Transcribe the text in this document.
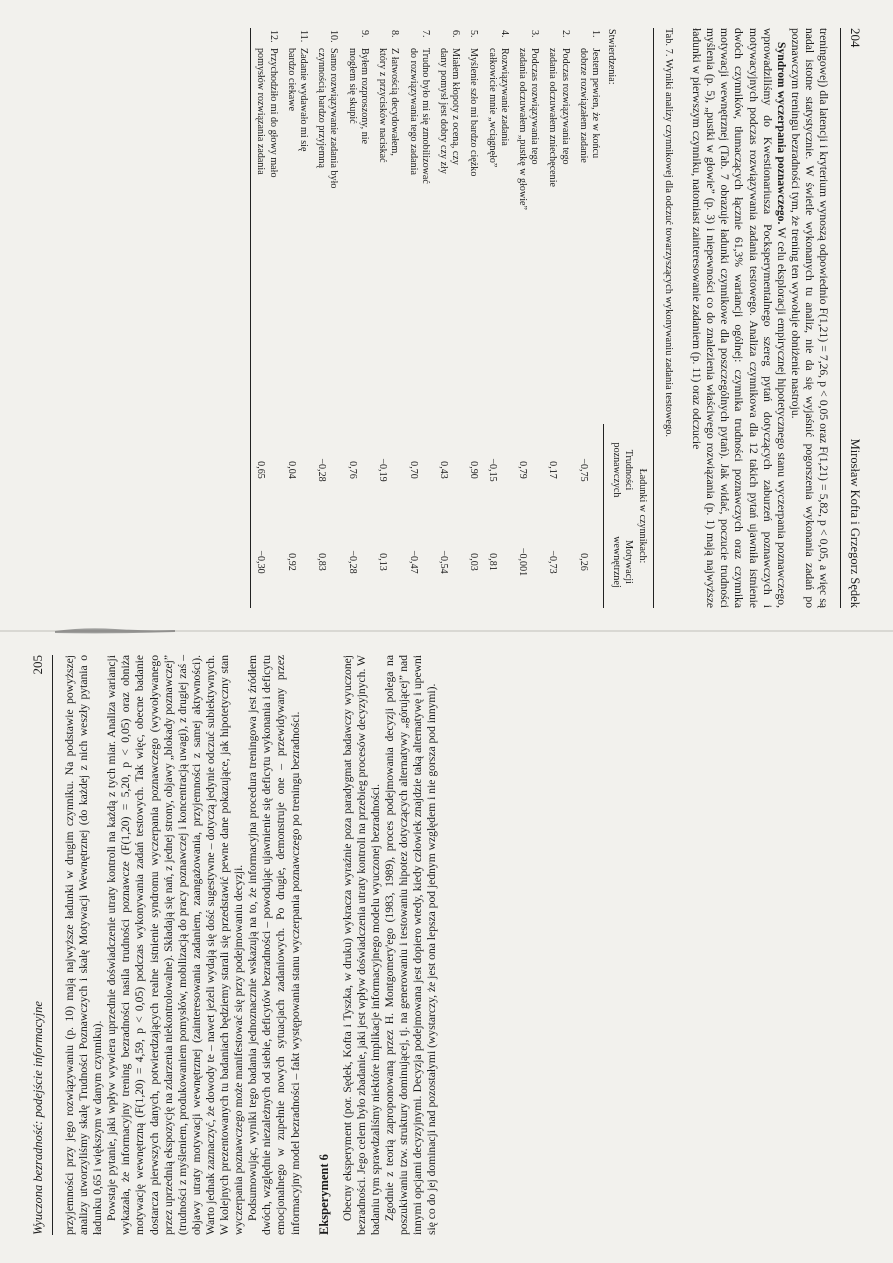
204
Mirosław Kofta i Grzegorz Sędek

treningowej) dla latencji i kryterium wynoszą odpowiednio F(1,21) = 7,26, p < 0,05 oraz F(1,21) = 5,82, p < 0,05, a więc są nadal istotne statystycznie. W świetle wykonanych tu analiz, nie da się wyjaśnić pogorszenia wykonania zadań po poznawczym treningu bezradności tym, że trening ten wywołuje obniżenie nastroju.

Syndrom wyczerpania poznawczego. W celu eksploracji empirycznej hipotetycznego stanu wyczerpania poznawczego, wprowadziliśmy do Kwestionariusza Pocksperymentalnego szereg pytań dotyczących zaburzeń poznawczych i motywacyjnych podczas rozwiązywania zadania testowego. Analiza czynnikowa dla 12 takich pytań ujawniła istnienie dwóch czynników, tłumaczących łącznie 61,3% wariancji ogólnej: czynnika trudności poznawczych oraz czynnika motywacji wewnętrznej (Tab. 7 obrazuje ładunki czynnikowe dla poszczególnych pytań). Jak widać, poczucie trudności myślenia (p. 5), „pustki w głowie” (p. 3) i niepewności co do znalezienia właściwego rozwiązania (p. 1) mają najwyższe ładunki w pierwszym czynniku, natomiast zainteresowanie zadaniem (p. 11) oraz odczucie

Tab. 7. Wyniki analizy czynnikowej dla odczuć towarzyszących wykonywaniu zadania testowego.
Stwierdzenia:	Ładunki w czynnikach:	
	Trudności poznawczych	Motywacji wewnętrznej
1.Jestem pewien, że w końcu
dobrze rozwiązałem zadanie	−0,75	0,26
2.Podczas rozwiązywania tego
zadania odczuwałem zniechęcenie	0,17	−0,73
3.Podczas rozwiązywania tego
zadania odczuwałem „pustkę w głowie”	0,79	−0,001
4.Rozwiązywanie zadania
całkowicie mnie „wciągnęło”	−0,15	0,81
5.Myślenie szło mi bardzo ciężko	0,90	0,03
6.Miałem kłopoty z oceną, czy
dany pomysł jest dobry czy zły	0,43	−0,54
7.Trudno było mi się zmobilizować
do rozwiązywania tego zadania	0,70	−0,47
8.Z łatwością decydowałem,
który z przycisków naciskać	−0,19	0,13
9.Byłem rozproszony, nie
mogłem się skupić	0,76	−0,28
10.Samo rozwiązywanie zadania było
czynnością bardzo przyjemną	−0,28	0,83
11.Zadanie wydawało mi się
bardzo ciekawe	0,04	0,92
12.Przychodziło mi do głowy mało
pomysłów rozwiązania zadania	0,65	−0,30
Wyuczona bezradność: podejście informacyjne
205 przyjemności przy jego rozwiązywaniu (p. 10) mają najwyższe ładunki w drugim czynniku. Na podstawie powyższej analizy utworzyliśmy skalę Trudności Poznawczych i skalę Motywacji Wewnętrznej (do każdej z nich weszły pytania o ładunku 0,65 i większym w danym czynniku). Powstaje pytanie, jaki wpływ wywiera uprzednie doświadczenie utraty kontroli na każdą z tych miar. Analiza wariancji wykazała, że informacyjny trening bezradności nasila trudności poznawcze (F(1,20) = 5,20, p < 0,05) oraz obniża motywację wewnętrzną (F(1,20) = 4,59, p < 0,05) podczas wykonywania zadań testowych. Tak więc, obecne badanie dostarcza pierwszych danych, potwierdzających realne istnienie syndromu wyczerpania poznawczego (wywoływanego przez uprzednią ekspozycję na zdarzenia niekontrolowalne). Składają się nań, z jednej strony, objawy „blokady poznawczej” (trudności z myśleniem, produkowaniem pomysłów, mobilizacją do pracy poznawczej i koncentracją uwagi), z drugiej zaś – objawy utraty motywacji wewnętrznej (zainteresowania zadaniem, zaangażowania, przyjemności z samej aktywności). Warto jednak zaznaczyć, że dowody te – nawet jeżeli wydają się dość sugestywne – dotyczą jedynie odczuć subiektywnych. W kolejnych prezentowanych tu badaniach będziemy starali się przedstawić pewne dane pokazujące, jak hipotetyczny stan wyczerpania poznawczego może manifestować się przy podejmowaniu decyzji. Podsumowując, wyniki tego badania jednoznacznie wskazują na to, że informacyjna procedura treningowa jest źródłem dwóch, względnie niezależnych od siebie, deficytów bezradności – powodując ujawnienie się deficytu wykonania i deficytu emocjonalnego w zupełnie nowych sytuacjach zadaniowych. Po drugie, demonstruje one – przewidywany przez informacyjny model bezradności – fakt występowania stanu wyczerpania poznawczego po treningu bezradności. Eksperyment 6 Obecny eksperyment (por. Sędek, Kofta i Tyszka, w druku) wykracza wyraźnie poza paradygmat badawczy wyuczonej bezradności. Jego celem było zbadanie, jaki jest wpływ doświadczenia utraty kontroli na przebieg procesów decyzyjnych. W badaniu tym sprawdzaliśmy niektóre implikacje informacyjnego modelu wyuczonej bezradności. Zgodnie z teorią zaproponowaną przez H. Montgomery'ego (1983, 1989), proces podejmowania decyzji polega na poszukiwaniu tzw. struktury dominującej, tj. na generowaniu i testowaniu hipotez dotyczących alternatywy „górującej” nad innymi opcjami decyzyjnymi. Decyzja podejmowana jest dopiero wtedy, kiedy człowiek znajdzie taką alternatywę i upewni się co do jej dominacji nad pozostałymi (wystarczy, że jest ona lepsza pod jednym względem i nie gorsza pod innymi).
